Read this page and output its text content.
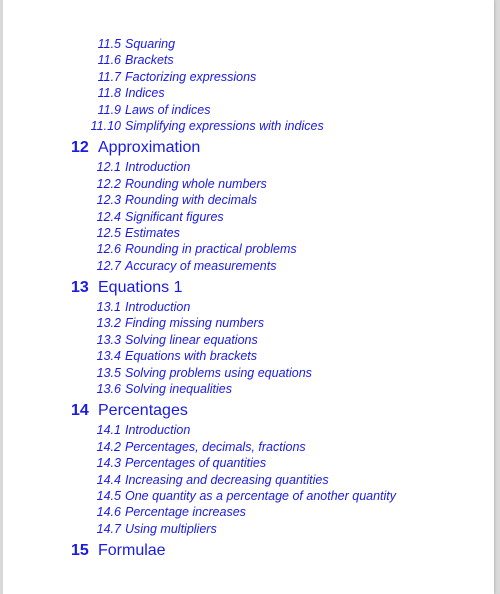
11.5 Squaring
11.6 Brackets
11.7 Factorizing expressions
11.8 Indices
11.9 Laws of indices
11.10 Simplifying expressions with indices
12 Approximation
12.1 Introduction
12.2 Rounding whole numbers
12.3 Rounding with decimals
12.4 Significant figures
12.5 Estimates
12.6 Rounding in practical problems
12.7 Accuracy of measurements
13 Equations 1
13.1 Introduction
13.2 Finding missing numbers
13.3 Solving linear equations
13.4 Equations with brackets
13.5 Solving problems using equations
13.6 Solving inequalities
14 Percentages
14.1 Introduction
14.2 Percentages, decimals, fractions
14.3 Percentages of quantities
14.4 Increasing and decreasing quantities
14.5 One quantity as a percentage of another quantity
14.6 Percentage increases
14.7 Using multipliers
15 Formulae
